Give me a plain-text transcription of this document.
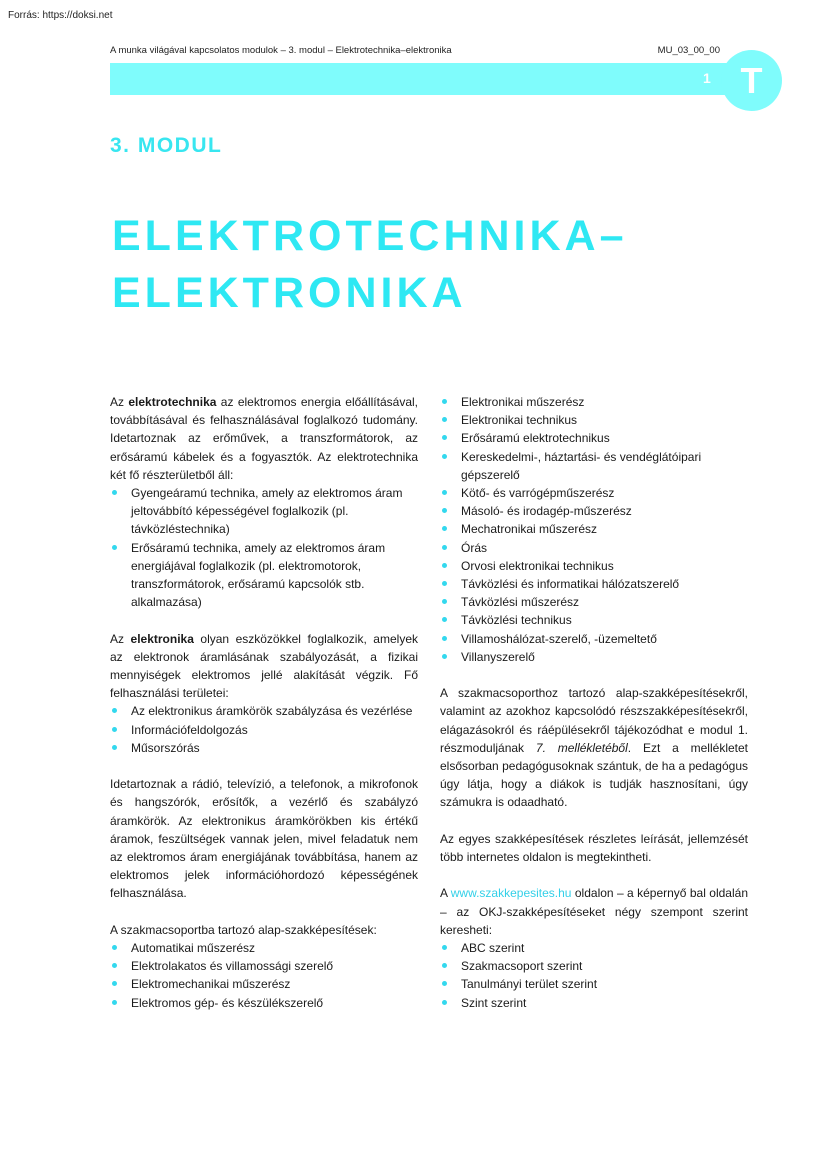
Forrás: https://doksi.net
A munka világával kapcsolatos modulok – 3. modul – Elektrotechnika–elektronika	MU_03_00_00
1 T
3. MODUL
ELEKTROTECHNIKA–
ELEKTRONIKA

Az elektrotechnika az elektromos energia előállításával, továbbításával és felhasználásával foglalkozó tudomány. Idetartoznak az erőművek, a transzformátorok, az erősáramú kábelek és a fogyasztók. Az elektrotechnika két fő részterületből áll:

Gyengeáramú technika, amely az elektromos áram jeltovábbító képességével foglalkozik (pl. távközléstechnika)
Erősáramú technika, amely az elektromos áram energiájával foglalkozik (pl. elektromotorok, transzformátorok, erősáramú kapcsolók stb. alkalmazása)

Az elektronika olyan eszközökkel foglalkozik, amelyek az elektronok áramlásának szabályozását, a fizikai mennyiségek elektromos jellé alakítását végzik. Fő felhasználási területei:

Az elektronikus áramkörök szabályzása és vezérlése
Információfeldolgozás
Műsorszórás

Idetartoznak a rádió, televízió, a telefonok, a mikrofonok és hangszórók, erősítők, a vezérlő és szabályzó áramkörök. Az elektronikus áramkörökben kis értékű áramok, feszültségek vannak jelen, mivel feladatuk nem az elektromos áram energiájának továbbítása, hanem az elektromos jelek információhordozó képességének felhasználása.

A szakmacsoportba tartozó alap-szakképesítések:

Automatikai műszerész
Elektrolakatos és villamossági szerelő
Elektromechanikai műszerész
Elektromos gép- és készülékszerelő
Elektronikai műszerész
Elektronikai technikus
Erősáramú elektrotechnikus
Kereskedelmi-, háztartási- és vendéglátóipari gépszerelő
Kötő- és varrógépműszerész
Másoló- és irodagép-műszerész
Mechatronikai műszerész
Órás
Orvosi elektronikai technikus
Távközlési és informatikai hálózatszerelő
Távközlési műszerész
Távközlési technikus
Villamoshálózat-szerelő, -üzemeltető
Villanyszerelő

A szakmacsoporthoz tartozó alap-szakképesítésekről, valamint az azokhoz kapcsolódó részszakképesítésekről, elágazásokról és ráépülésekről tájékozódhat e modul 1. részmoduljának 7. mellékletéből. Ezt a mellékletet elsősorban pedagógusoknak szántuk, de ha a pedagógus úgy látja, hogy a diákok is tudják hasznosítani, úgy számukra is odaadható.

Az egyes szakképesítések részletes leírását, jellemzését több internetes oldalon is megtekintheti.

A www.szakkepesites.hu oldalon – a képernyő bal oldalán – az OKJ-szakképesítéseket négy szempont szerint keresheti:

ABC szerint
Szakmacsoport szerint
Tanulmányi terület szerint
Szint szerint
